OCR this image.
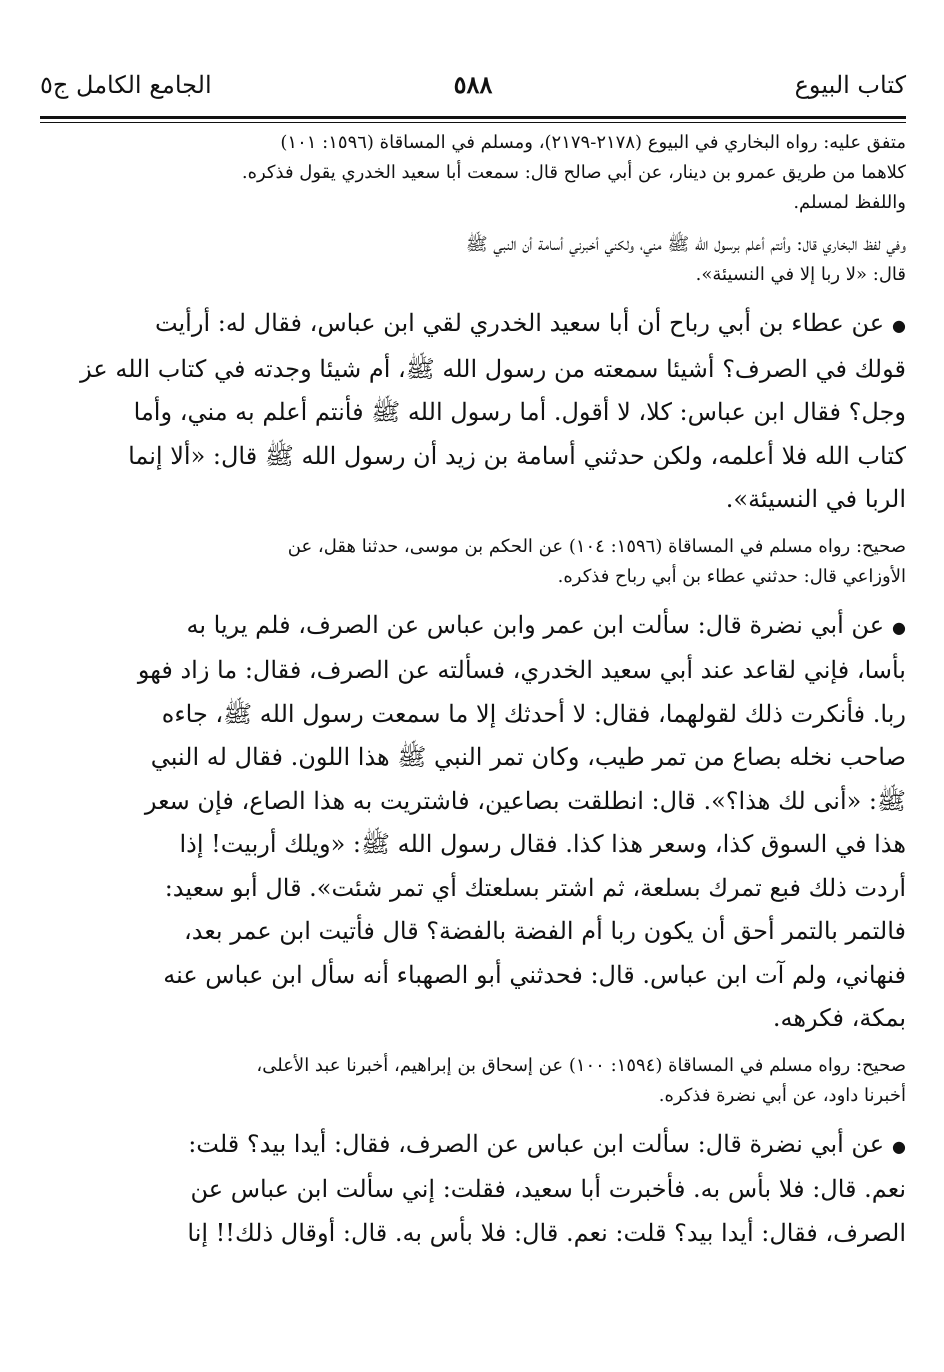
كتاب البيوع
٥٨٨
الجامع الكامل ج٥
متفق عليه: رواه البخاري في البيوع (٢١٧٨-٢١٧٩)، ومسلم في المساقاة (١٥٩٦: ١٠١)
كلاهما من طريق عمرو بن دينار، عن أبي صالح قال: سمعت أبا سعيد الخدري يقول فذكره.
واللفظ لمسلم.
وفي لفظ البخاري قال: وأنتم أعلم برسول الله ﷺ مني، ولكني أخبرني أسامة أن النبي ﷺ
قال: «لا ربا إلا في النسيئة».
●عن عطاء بن أبي رباح أن أبا سعيد الخدري لقي ابن عباس، فقال له: أرأيت
قولك في الصرف؟ أشيئا سمعته من رسول الله ﷺ، أم شيئا وجدته في كتاب الله عز
وجل؟ فقال ابن عباس: كلا، لا أقول. أما رسول الله ﷺ فأنتم أعلم به مني، وأما
كتاب الله فلا أعلمه، ولكن حدثني أسامة بن زيد أن رسول الله ﷺ قال: «ألا إنما
الربا في النسيئة».
صحيح: رواه مسلم في المساقاة (١٥٩٦: ١٠٤) عن الحكم بن موسى، حدثنا هقل، عن
الأوزاعي قال: حدثني عطاء بن أبي رباح فذكره.
●عن أبي نضرة قال: سألت ابن عمر وابن عباس عن الصرف، فلم يريا به
بأسا، فإني لقاعد عند أبي سعيد الخدري، فسألته عن الصرف، فقال: ما زاد فهو
ربا. فأنكرت ذلك لقولهما، فقال: لا أحدثك إلا ما سمعت رسول الله ﷺ، جاءه
صاحب نخله بصاع من تمر طيب، وكان تمر النبي ﷺ هذا اللون. فقال له النبي
ﷺ: «أنى لك هذا؟». قال: انطلقت بصاعين، فاشتريت به هذا الصاع، فإن سعر
هذا في السوق كذا، وسعر هذا كذا. فقال رسول الله ﷺ: «ويلك أربيت! إذا
أردت ذلك فبع تمرك بسلعة، ثم اشتر بسلعتك أي تمر شئت». قال أبو سعيد:
فالتمر بالتمر أحق أن يكون ربا أم الفضة بالفضة؟ قال فأتيت ابن عمر بعد،
فنهاني، ولم آت ابن عباس. قال: فحدثني أبو الصهباء أنه سأل ابن عباس عنه
بمكة، فكرهه.
صحيح: رواه مسلم في المساقاة (١٥٩٤: ١٠٠) عن إسحاق بن إبراهيم، أخبرنا عبد الأعلى،
أخبرنا داود، عن أبي نضرة فذكره.
●عن أبي نضرة قال: سألت ابن عباس عن الصرف، فقال: أيدا بيد؟ قلت:
نعم. قال: فلا بأس به. فأخبرت أبا سعيد، فقلت: إني سألت ابن عباس عن
الصرف، فقال: أيدا بيد؟ قلت: نعم. قال: فلا بأس به. قال: أوقال ذلك!! إنا
